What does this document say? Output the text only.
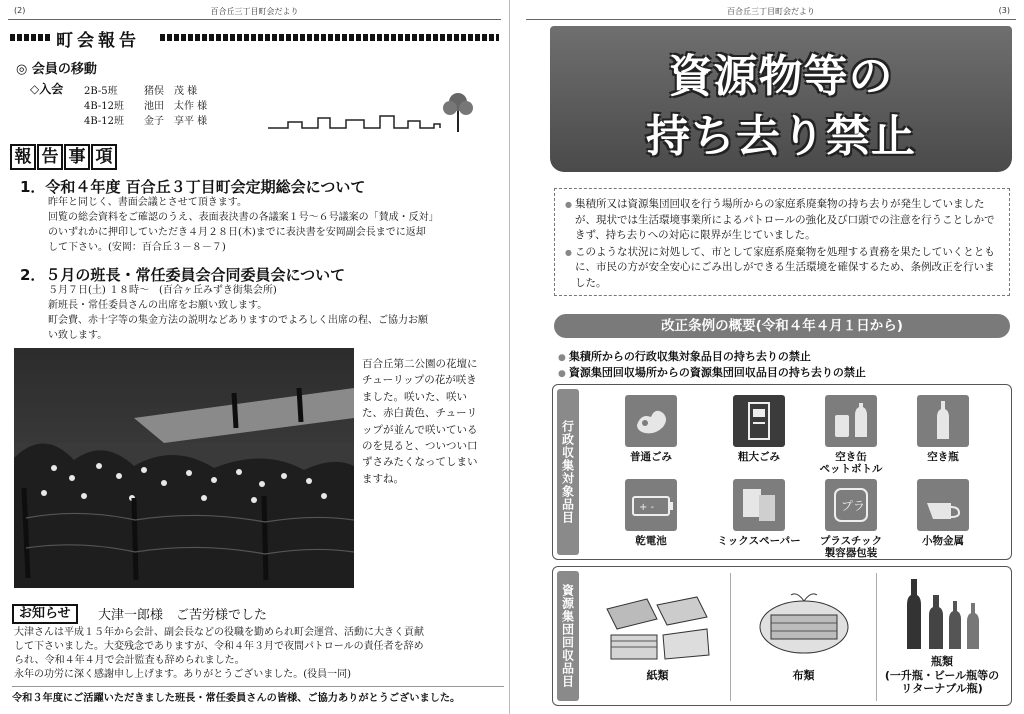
(2)	百合丘三丁目町会だより
町会報告
◎ 会員の移動
◇入会 2B-5班	猪俣　茂 様
4B-12班 池田　太作 様
4B-12班 金子　享平 様
報 告 事 項
1．令和４年度 百合丘３丁目町会定期総会について
昨年と同じく、書面会議とさせて頂きます。
回覧の総会資料をご確認のうえ、表面表決書の各議案１号～６号議案の「賛成・反対」
のいずれかに押印していただき４月２８日(木)までに表決書を安岡副会長までに返却
して下さい。(安岡：百合丘３－８－７)
2．５月の班長・常任委員会合同委員会について
５月７日(土) １８時～　(百合ヶ丘みずき街集会所)
新班長・常任委員さんの出席をお願い致します。
町会費、赤十字等の集金方法の説明などありますのでよろしく出席の程、ご協力お願
い致します。
百合丘第二公園の花壇にチューリップの花が咲きました。咲いた、咲いた、赤白黄色、チューリップが並んで咲いているのを見ると、ついつい口ずさみたくなってしまいますね。
お知らせ	大津一郎様　ご苦労様でした
大津さんは平成１５年から会計、副会長などの役職を勤められ町会運営、活動に大きく貢献
して下さいました。大変残念でありますが、令和４年３月で夜間パトロールの責任者を辞め
られ、令和４年４月で会計監査も辞められました。
永年の功労に深く感謝申し上げます。ありがとうございました。(役員一同)
令和３年度にご活躍いただきました班長・常任委員さんの皆様、ご協力ありがとうございました。
百合丘三丁目町会だより	(3)
資源物等の
持ち去り禁止

● 集積所又は資源集団回収を行う場所からの家庭系廃棄物の持ち去りが発生していましたが、現状では生活環境事業所によるパトロールの強化及び口頭での注意を行うことしかできず、持ち去りへの対応に限界が生じていました。

● このような状況に対処して、市として家庭系廃棄物を処理する責務を果たしていくとともに、市民の方が安全安心にごみ出しができる生活環境を確保するため、条例改正を行いました。

改正条例の概要(令和４年４月１日から)
● 集積所からの行政収集対象品目の持ち去りの禁止
● 資源集団回収場所からの資源集団回収品目の持ち去りの禁止
行政収集対象品目	普通ごみ	粗大ごみ	空き缶
ペットボトル
空き瓶
+ -
乾電池	ミックスペーパー
プラ
プラスチック
製容器包装
小物金属
資源集団回収品目	紙類	布類
瓶類
(一升瓶・ビール瓶等の
リターナブル瓶)
